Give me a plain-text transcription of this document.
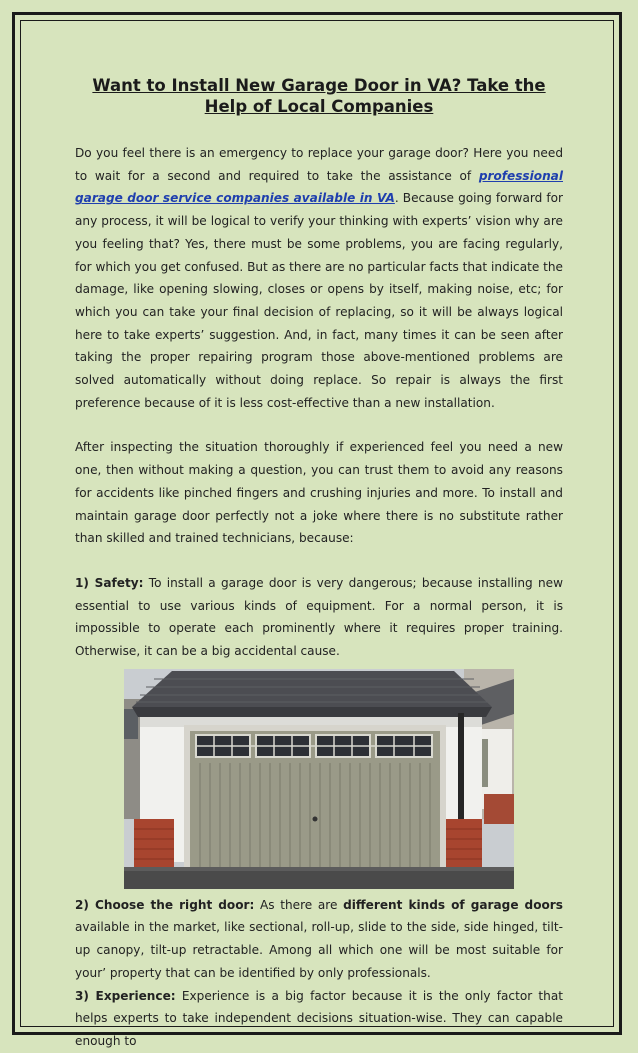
Want to Install New Garage Door in VA? Take the Help of Local Companies

Do you feel there is an emergency to replace your garage door? Here you need to wait for a second and required to take the assistance of professional garage door service companies available in VA. Because going forward for any process, it will be logical to verify your thinking with experts’ vision why are you feeling that? Yes, there must be some problems, you are facing regularly, for which you get confused. But as there are no particular facts that indicate the damage, like opening slowing, closes or opens by itself, making noise, etc; for which you can take your final decision of replacing, so it will be always logical here to take experts’ suggestion. And, in fact, many times it can be seen after taking the proper repairing program those above-mentioned problems are solved automatically without doing replace. So repair is always the first preference because of it is less cost-effective than a new installation.

After inspecting the situation thoroughly if experienced feel you need a new one, then without making a question, you can trust them to avoid any reasons for accidents like pinched fingers and crushing injuries and more. To install and maintain garage door perfectly not a joke where there is no substitute rather than skilled and trained technicians, because:

1) Safety: To install a garage door is very dangerous; because installing new essential to use various kinds of equipment. For a normal person, it is impossible to operate each prominently where it requires proper training. Otherwise, it can be a big accidental cause.

2) Choose the right door: As there are different kinds of garage doors available in the market, like sectional, roll-up, slide to the side, side hinged, tilt-up canopy, tilt-up retractable. Among all which one will be most suitable for your’ property that can be identified by only professionals.

3) Experience: Experience is a big factor because it is the only factor that helps experts to take independent decisions situation-wise. They can capable enough to
